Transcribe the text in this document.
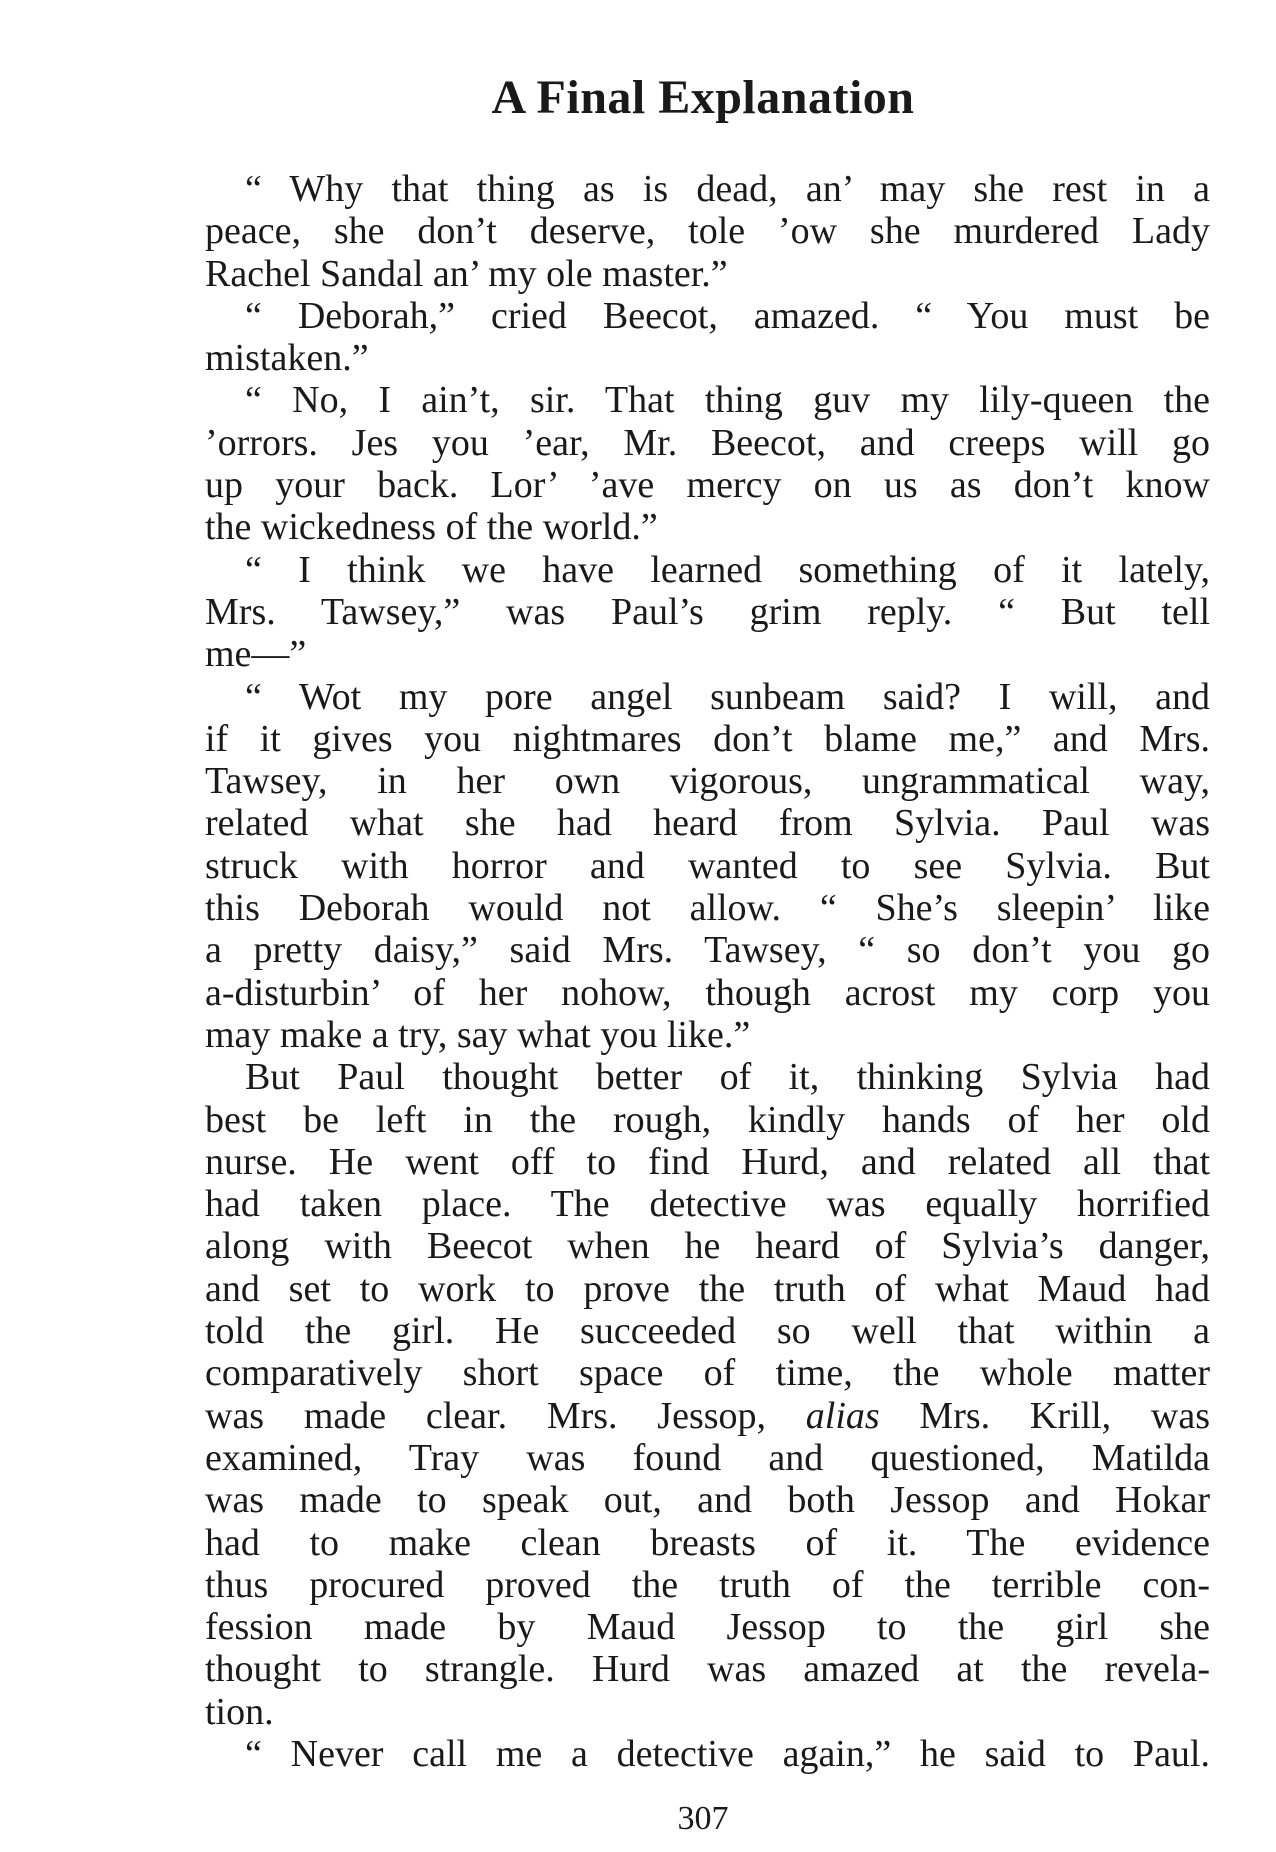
A Final Explanation
“ Why that thing as is dead, an’ may she rest in a
peace, she don’t deserve, tole ’ow she murdered Lady
Rachel Sandal an’ my ole master.”
“ Deborah,” cried Beecot, amazed. “ You must be
mistaken.”
“ No, I ain’t, sir. That thing guv my lily-queen the
’orrors. Jes you ’ear, Mr. Beecot, and creeps will go
up your back. Lor’ ’ave mercy on us as don’t know
the wickedness of the world.”
“ I think we have learned something of it lately,
Mrs. Tawsey,” was Paul’s grim reply. “ But tell
me—”
“ Wot my pore angel sunbeam said? I will, and
if it gives you nightmares don’t blame me,” and Mrs.
Tawsey, in her own vigorous, ungrammatical way,
related what she had heard from Sylvia. Paul was
struck with horror and wanted to see Sylvia. But
this Deborah would not allow. “ She’s sleepin’ like
a pretty daisy,” said Mrs. Tawsey, “ so don’t you go
a-disturbin’ of her nohow, though acrost my corp you
may make a try, say what you like.”
But Paul thought better of it, thinking Sylvia had
best be left in the rough, kindly hands of her old
nurse. He went off to find Hurd, and related all that
had taken place. The detective was equally horrified
along with Beecot when he heard of Sylvia’s danger,
and set to work to prove the truth of what Maud had
told the girl. He succeeded so well that within a
comparatively short space of time, the whole matter
was made clear. Mrs. Jessop, alias Mrs. Krill, was
examined, Tray was found and questioned, Matilda
was made to speak out, and both Jessop and Hokar
had to make clean breasts of it. The evidence
thus procured proved the truth of the terrible con-
fession made by Maud Jessop to the girl she
thought to strangle. Hurd was amazed at the revela-
tion.
“ Never call me a detective again,” he said to Paul.
307
